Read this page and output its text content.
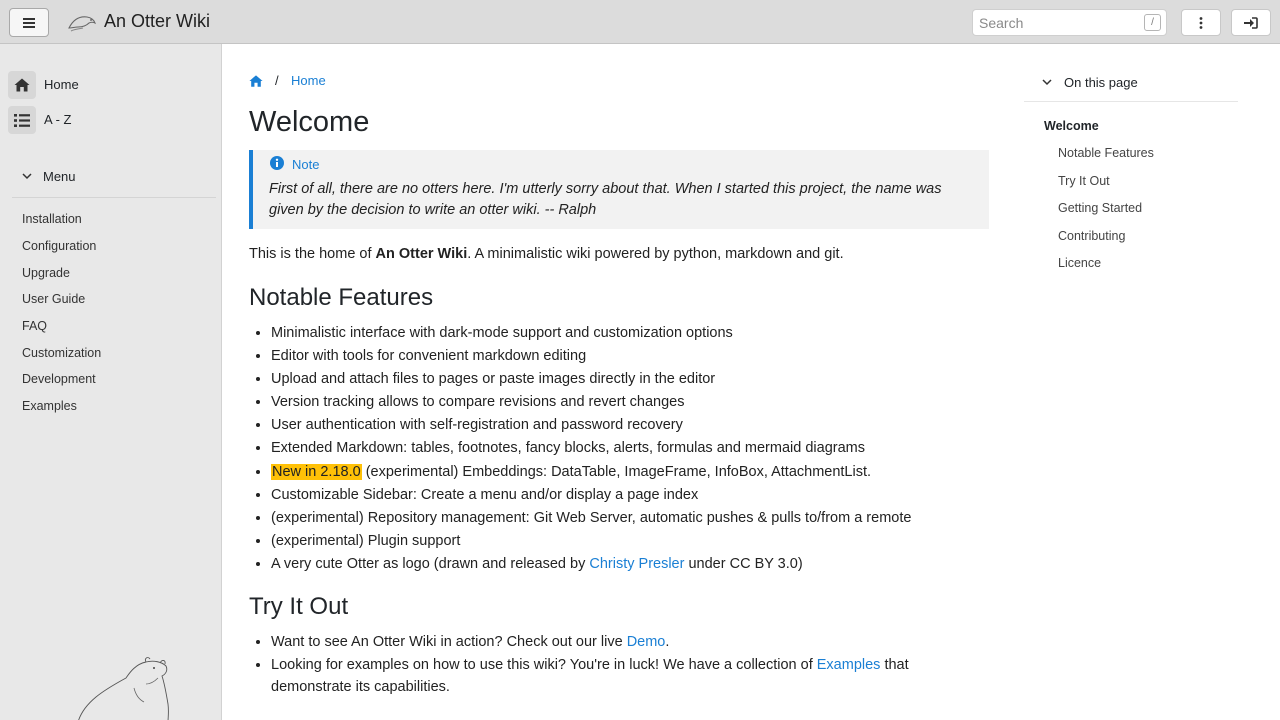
An Otter Wiki
Search	/
Home
A - Z
Menu
Installation
Configuration
Upgrade
User Guide
FAQ
Customization
Development
Examples
/ Home
Welcome
Note
First of all, there are no otters here. I'm utterly sorry about that. When I started this project, the name was given by the decision to write an otter wiki. -- Ralph
This is the home of An Otter Wiki. A minimalistic wiki powered by python, markdown and git.
Notable Features
• Minimalistic interface with dark-mode support and customization options
• Editor with tools for convenient markdown editing
• Upload and attach files to pages or paste images directly in the editor
• Version tracking allows to compare revisions and revert changes
• User authentication with self-registration and password recovery
• Extended Markdown: tables, footnotes, fancy blocks, alerts, formulas and mermaid diagrams
• New in 2.18.0 (experimental) Embeddings: DataTable, ImageFrame, InfoBox, AttachmentList.
• Customizable Sidebar: Create a menu and/or display a page index
• (experimental) Repository management: Git Web Server, automatic pushes & pulls to/from a remote
• (experimental) Plugin support
• A very cute Otter as logo (drawn and released by Christy Presler under CC BY 3.0)
Try It Out
• Want to see An Otter Wiki in action? Check out our live Demo.
• Looking for examples on how to use this wiki? You're in luck! We have a collection of Examples that demonstrate its capabilities.
On this page
Welcome
Notable Features
Try It Out
Getting Started
Contributing
Licence
